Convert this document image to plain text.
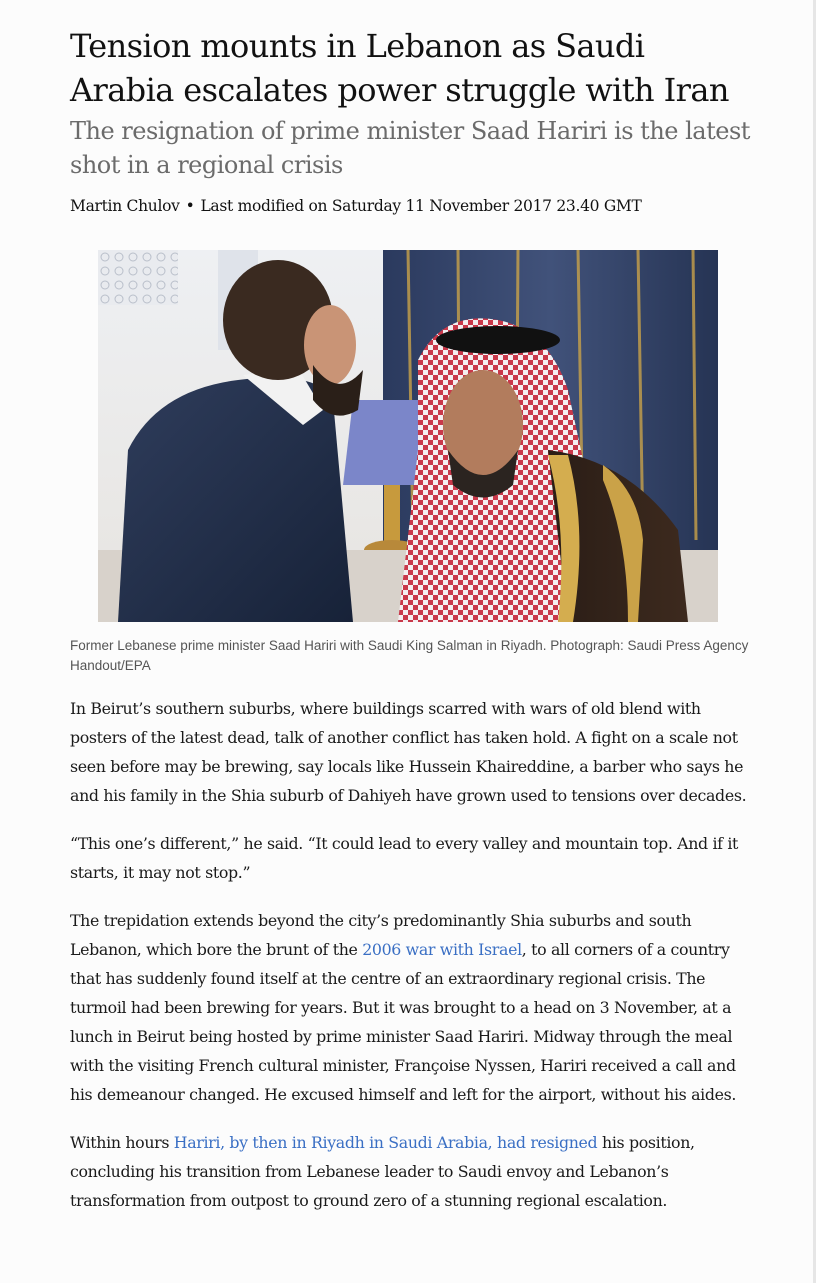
Tension mounts in Lebanon as Saudi Arabia escalates power struggle with Iran
The resignation of prime minister Saad Hariri is the latest shot in a regional crisis
Martin Chulov • Last modified on Saturday 11 November 2017 23.40 GMT
Former Lebanese prime minister Saad Hariri with Saudi King Salman in Riyadh. Photograph: Saudi Press Agency Handout/EPA

In Beirut’s southern suburbs, where buildings scarred with wars of old blend with posters of the latest dead, talk of another conflict has taken hold. A fight on a scale not seen before may be brewing, say locals like Hussein Khaireddine, a barber who says he and his family in the Shia suburb of Dahiyeh have grown used to tensions over decades.

“This one’s different,” he said. “It could lead to every valley and mountain top. And if it starts, it may not stop.”

The trepidation extends beyond the city’s predominantly Shia suburbs and south Lebanon, which bore the brunt of the 2006 war with Israel, to all corners of a country that has suddenly found itself at the centre of an extraordinary regional crisis. The turmoil had been brewing for years. But it was brought to a head on 3 November, at a lunch in Beirut being hosted by prime minister Saad Hariri. Midway through the meal with the visiting French cultural minister, Françoise Nyssen, Hariri received a call and his demeanour changed. He excused himself and left for the airport, without his aides.

Within hours Hariri, by then in Riyadh in Saudi Arabia, had resigned his position, concluding his transition from Lebanese leader to Saudi envoy and Lebanon’s transformation from outpost to ground zero of a stunning regional escalation.
